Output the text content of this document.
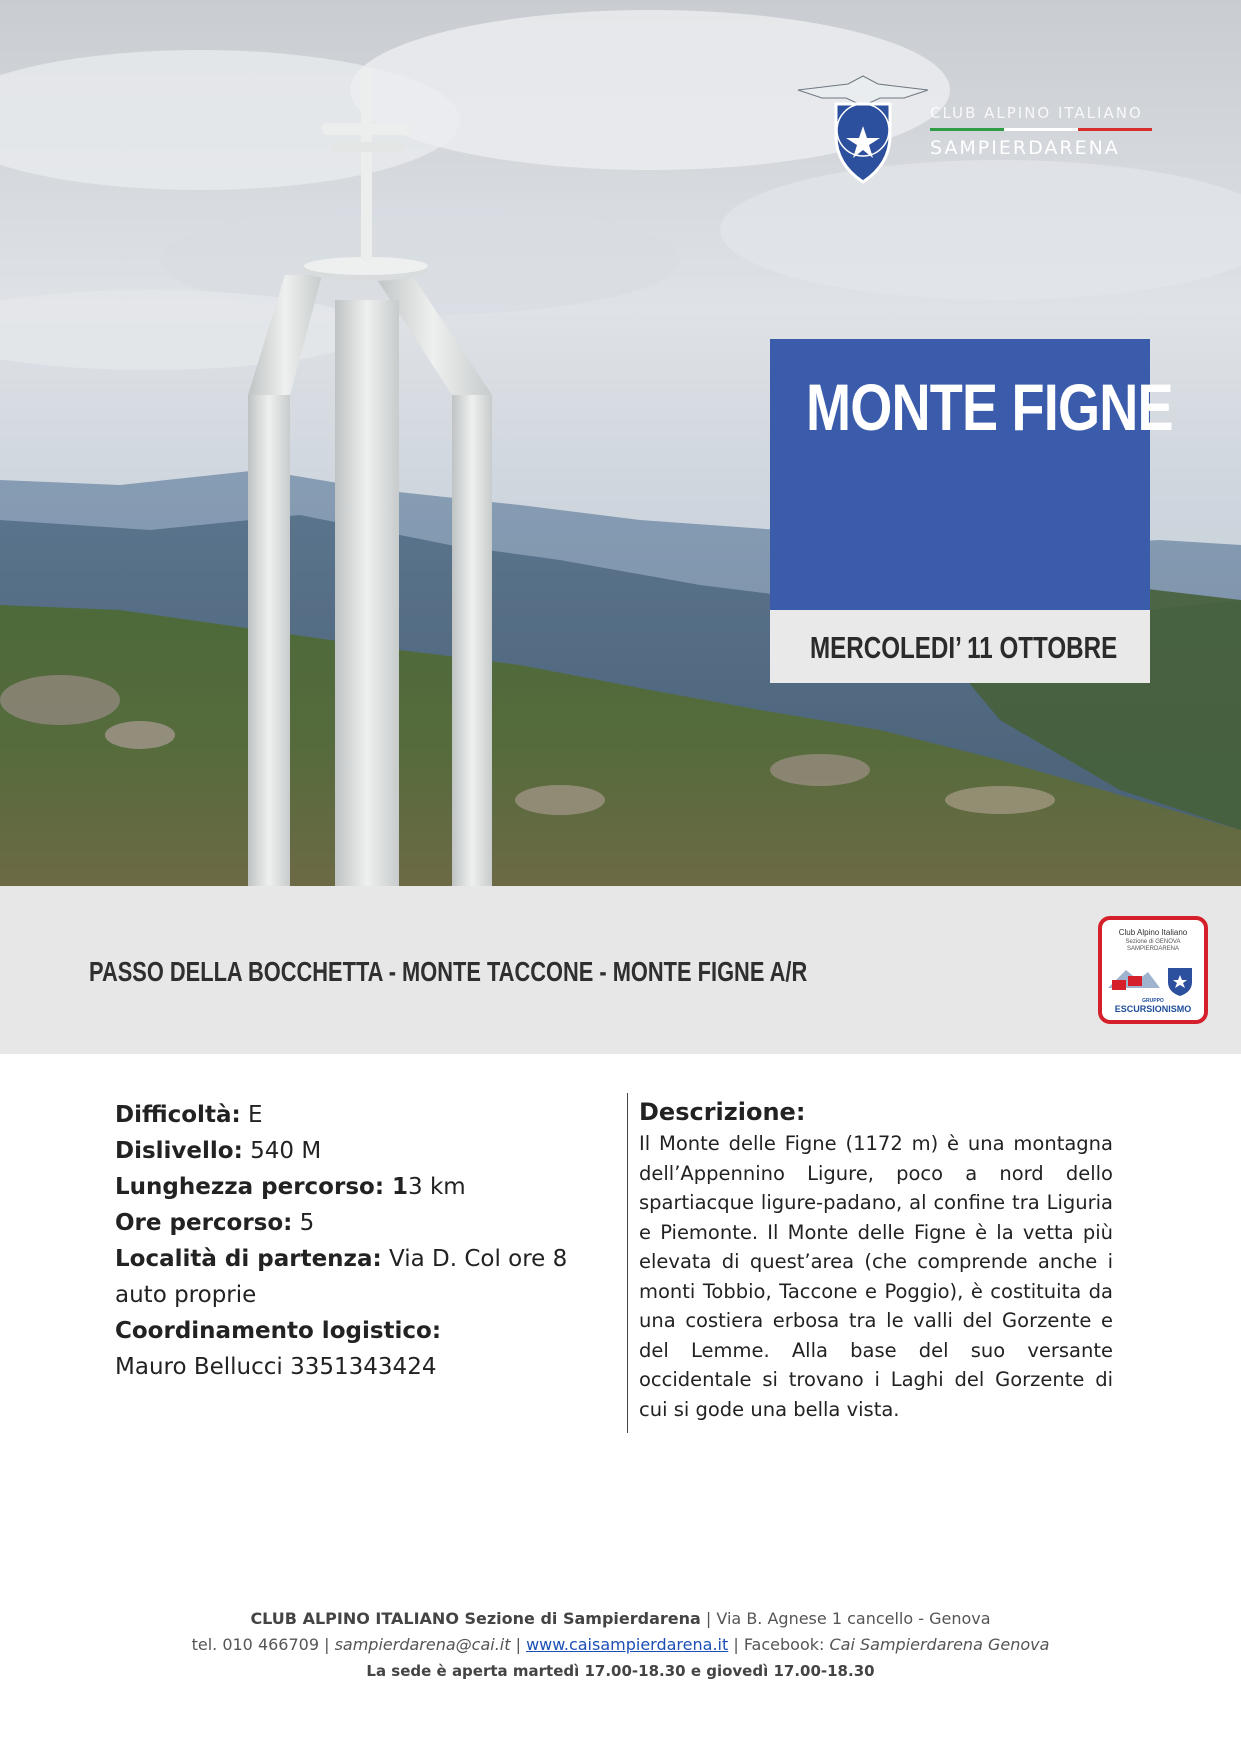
CLUB ALPINO ITALIANO
SAMPIERDARENA
MONTE FIGNE
MERCOLEDI’ 11 OTTOBRE
PASSO DELLA BOCCHETTA - MONTE TACCONE - MONTE FIGNE A/R
Club Alpino Italiano
Sezione di GENOVA
SAMPIERDARENA
GRUPPO
ESCURSIONISMO
Difficoltà: E
Dislivello: 540 M
Lunghezza percorso: 13 km
Ore percorso: 5
Località di partenza: Via D. Col ore 8
auto proprie
Coordinamento logistico:
Mauro Bellucci 3351343424
Descrizione:
Il Monte delle Figne (1172 m) è una montagna dell’Appennino Ligure, poco a nord dello spartiacque ligure-padano, al confine tra Liguria e Piemonte. Il Monte delle Figne è la vetta più elevata di quest’area (che comprende anche i monti Tobbio, Taccone e Poggio), è costituita da una costiera erbosa tra le valli del Gorzente e del Lemme. Alla base del suo versante occidentale si trovano i Laghi del Gorzente di cui si gode una bella vista.
CLUB ALPINO ITALIANO Sezione di Sampierdarena | Via B. Agnese 1 cancello - Genova
tel. 010 466709 | sampierdarena@cai.it | www.caisampierdarena.it | Facebook: Cai Sampierdarena Genova
La sede è aperta martedì 17.00-18.30 e giovedì 17.00-18.30
